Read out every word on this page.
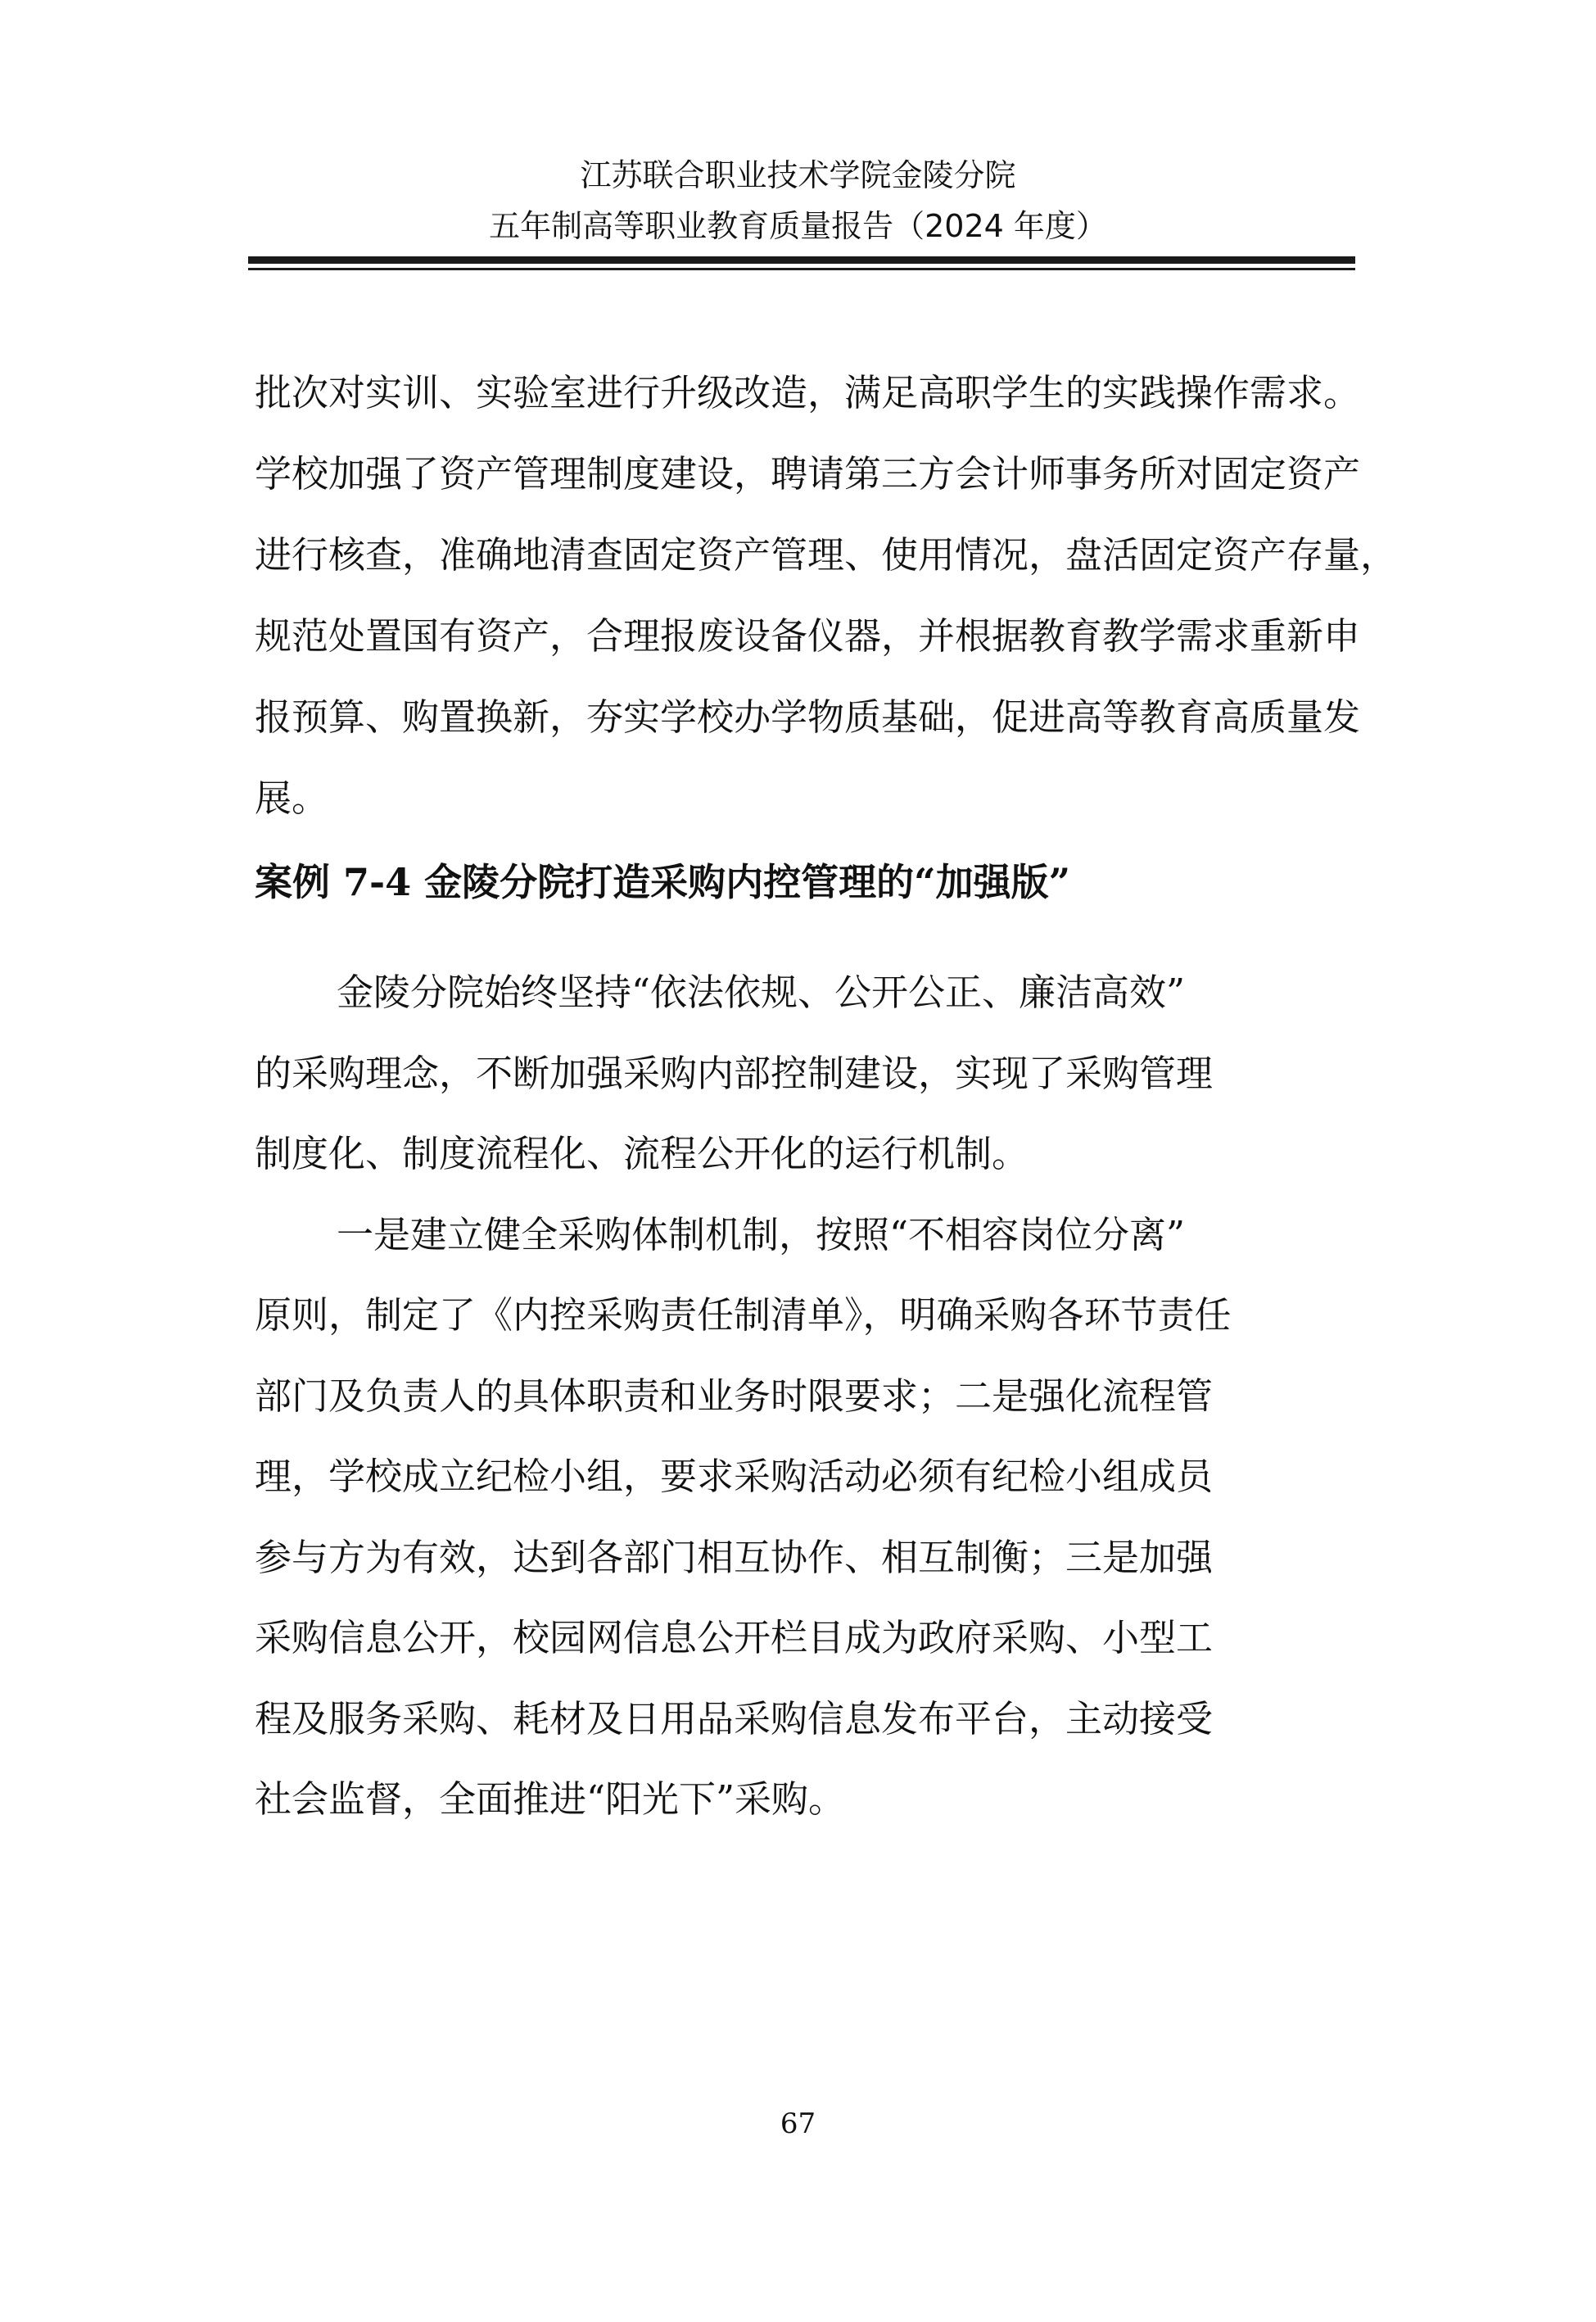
江苏联合职业技术学院金陵分院
五年制高等职业教育质量报告（2024 年度）
批次对实训、实验室进行升级改造，满足高职学生的实践操作需求。
学校加强了资产管理制度建设，聘请第三方会计师事务所对固定资产
进行核查，准确地清查固定资产管理、使用情况，盘活固定资产存量，
规范处置国有资产，合理报废设备仪器，并根据教育教学需求重新申
报预算、购置换新，夯实学校办学物质基础，促进高等教育高质量发
展。
案例 7-4 金陵分院打造采购内控管理的“加强版”
金陵分院始终坚持“依法依规、公开公正、廉洁高效”
的采购理念，不断加强采购内部控制建设，实现了采购管理
制度化、制度流程化、流程公开化的运行机制。
一是建立健全采购体制机制，按照“不相容岗位分离”
原则，制定了《内控采购责任制清单》，明确采购各环节责任
部门及负责人的具体职责和业务时限要求；二是强化流程管
理，学校成立纪检小组，要求采购活动必须有纪检小组成员
参与方为有效，达到各部门相互协作、相互制衡；三是加强
采购信息公开，校园网信息公开栏目成为政府采购、小型工
程及服务采购、耗材及日用品采购信息发布平台，主动接受
社会监督，全面推进“阳光下”采购。
67
